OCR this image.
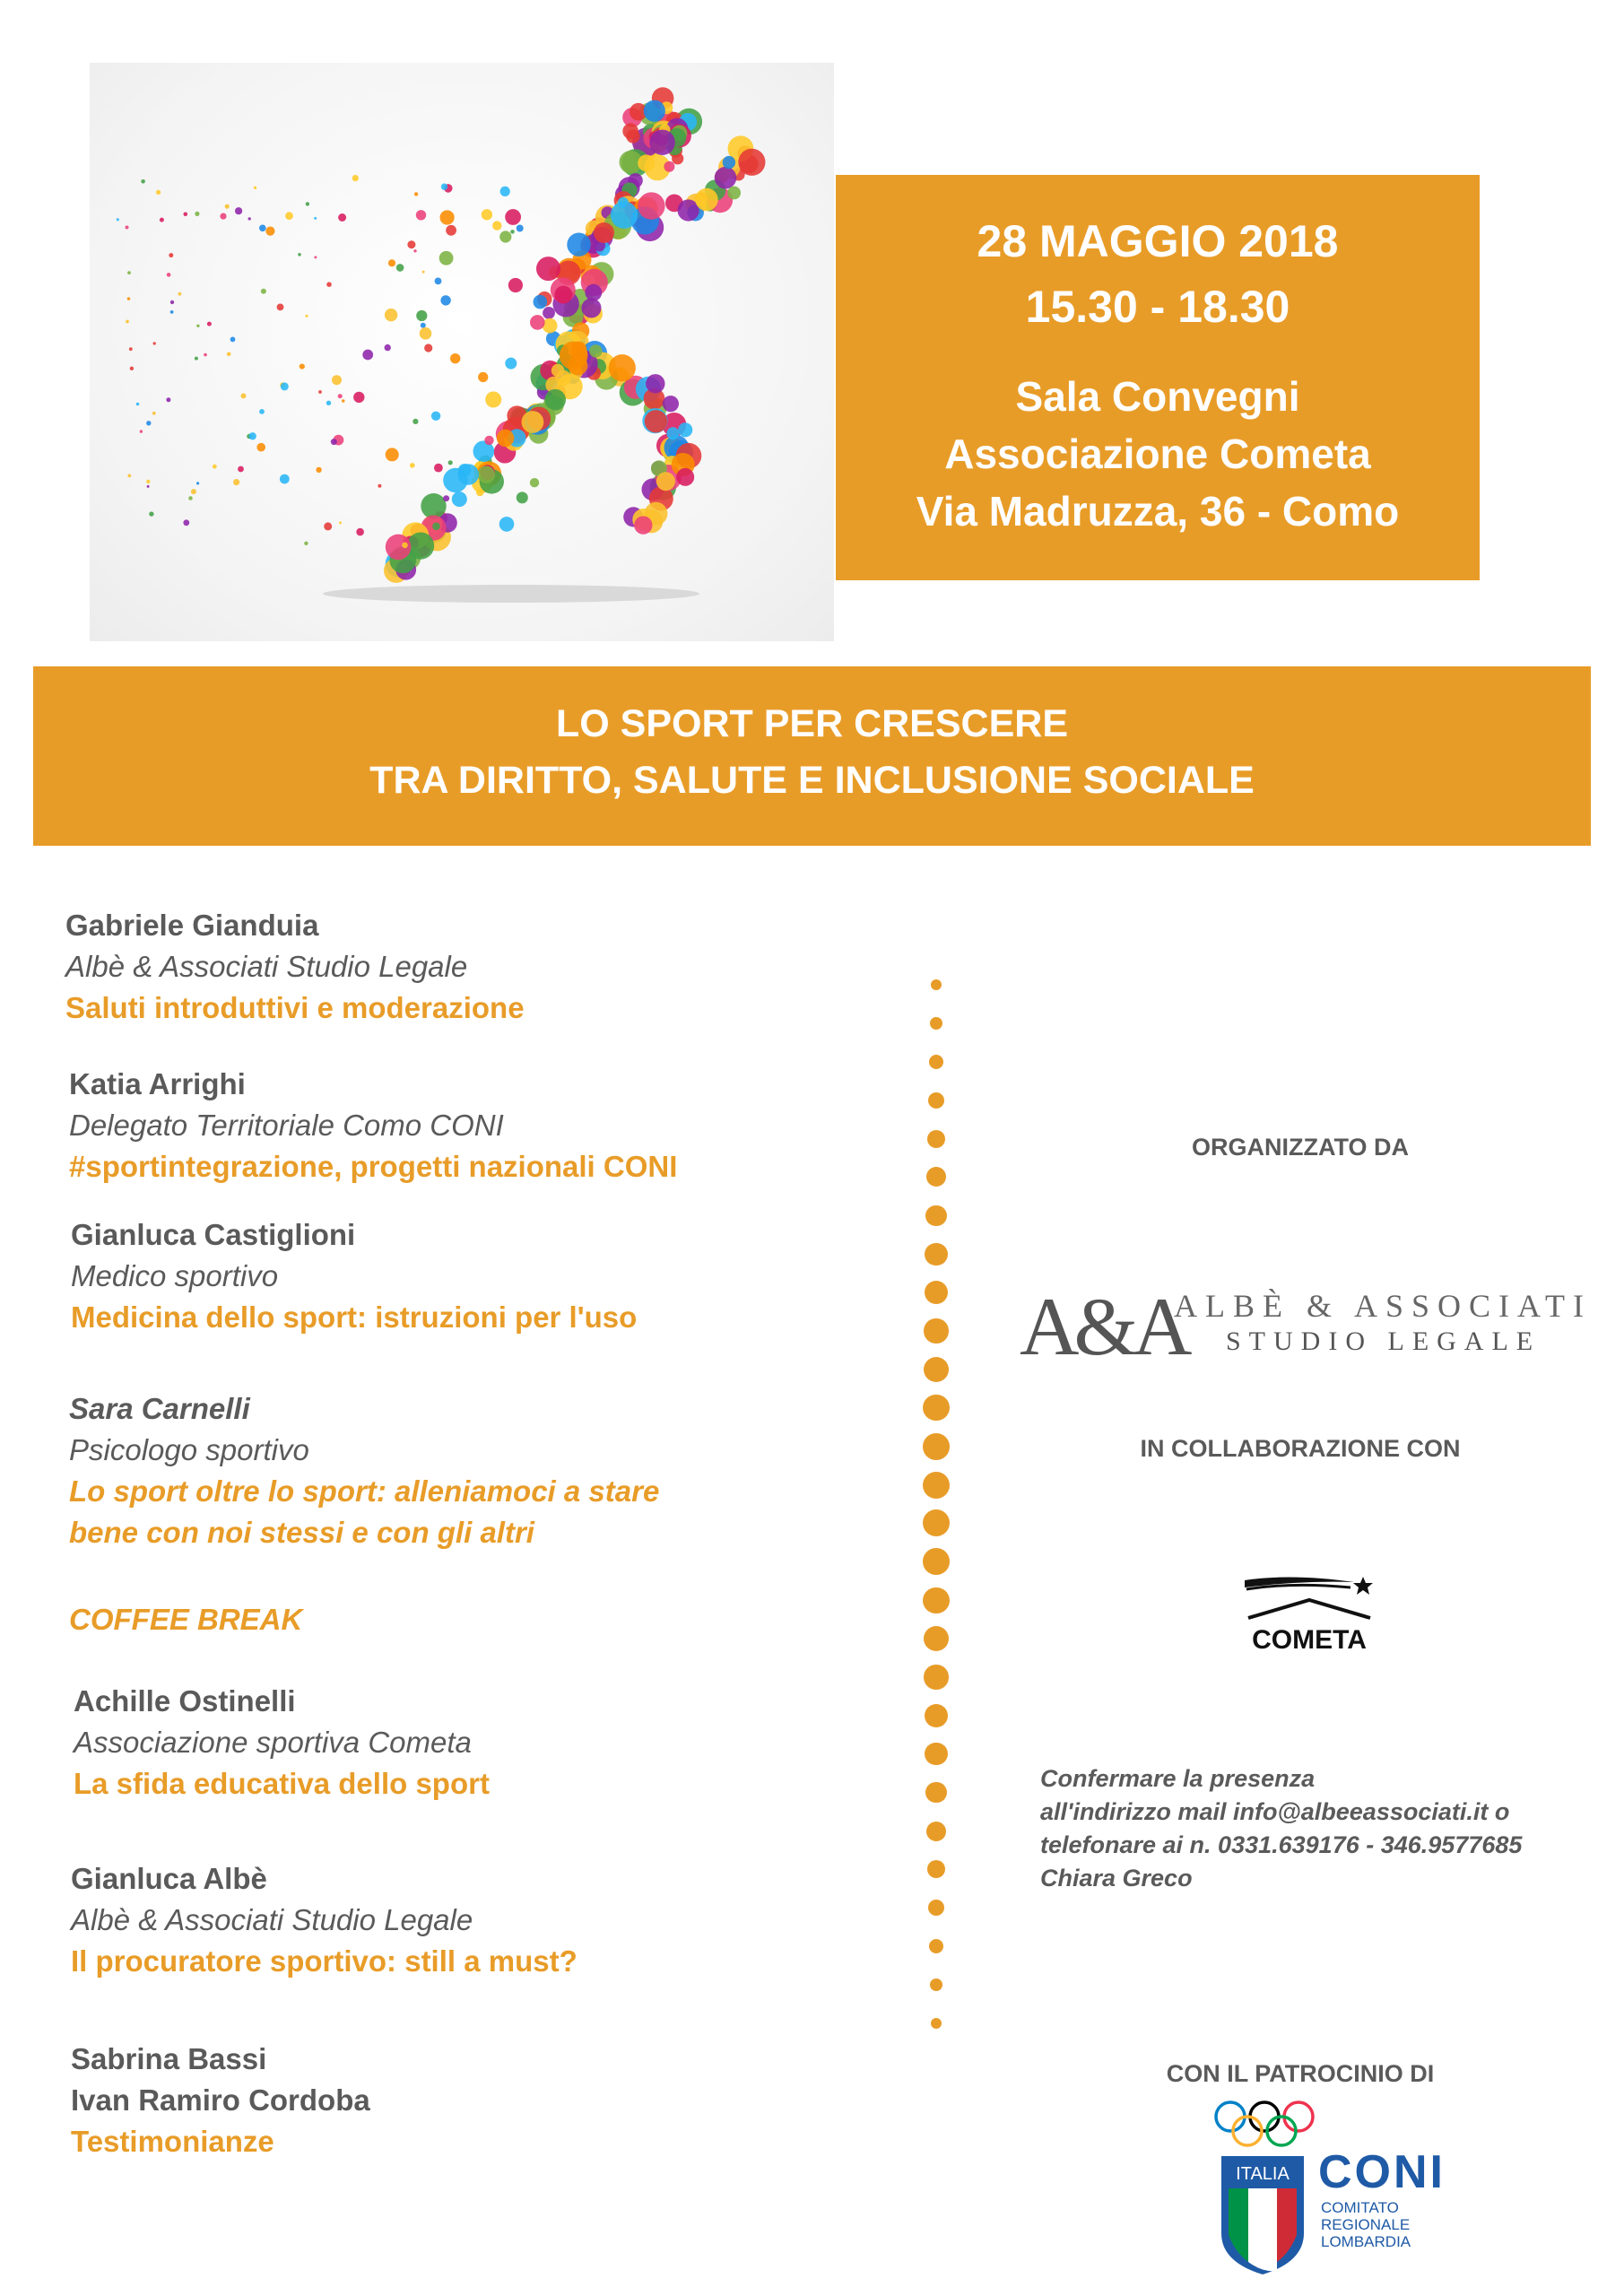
28 MAGGIO 2018
15.30 - 18.30
Sala Convegni
Associazione Cometa
Via Madruzza, 36 - Como
LO SPORT PER CRESCERE
TRA DIRITTO, SALUTE E INCLUSIONE SOCIALE
Gabriele Gianduia
Albè & Associati Studio Legale
Saluti introduttivi e moderazione
Katia Arrighi
Delegato Territoriale Como CONI
#sportintegrazione, progetti nazionali CONI
Gianluca Castiglioni
Medico sportivo
Medicina dello sport: istruzioni per l'uso
Sara Carnelli
Psicologo sportivo
Lo sport oltre lo sport: alleniamoci a stare
bene con noi stessi e con gli altri
COFFEE BREAK
Achille Ostinelli
Associazione sportiva Cometa
La sfida educativa dello sport
Gianluca Albè
Albè & Associati Studio Legale
Il procuratore sportivo: still a must?
Sabrina Bassi
Ivan Ramiro Cordoba
Testimonianze
ORGANIZZATO DA
A&A
ALBÈ & ASSOCIATI
STUDIO LEGALE
IN COLLABORAZIONE CON
COMETA
Confermare la presenza
all'indirizzo mail info@albeeassociati.it o
telefonare ai n. 0331.639176 - 346.9577685
Chiara Greco
CON IL PATROCINIO DI
ITALIA CONI
COMITATO
REGIONALE
LOMBARDIA
